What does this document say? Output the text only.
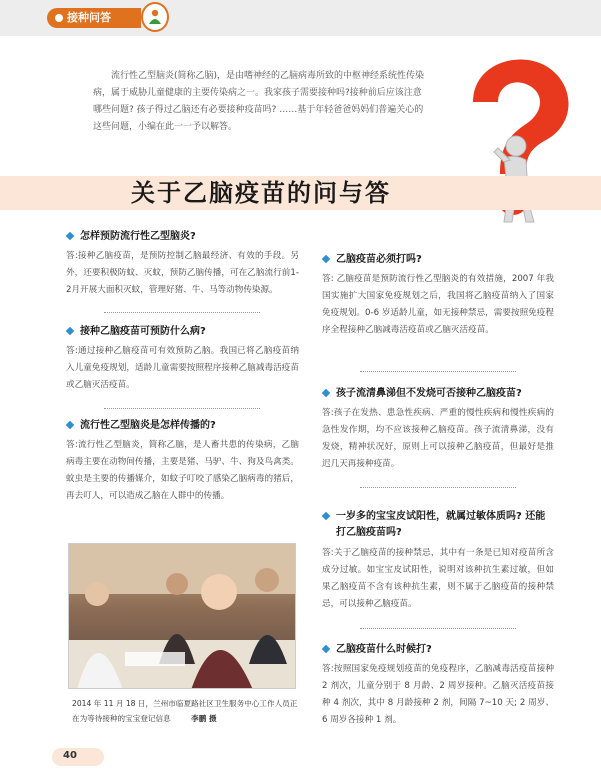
接种问答

流行性乙型脑炎(简称乙脑)，是由嗜神经的乙脑病毒所致的中枢神经系统性传染病，属于威胁儿童健康的主要传染病之一。我家孩子需要接种吗?接种前后应该注意哪些问题? 孩子得过乙脑还有必要接种疫苗吗? ……基于年轻爸爸妈妈们普遍关心的这些问题，小编在此一一予以解答。

关于乙脑疫苗的问与答
怎样预防流行性乙型脑炎?

答:接种乙脑疫苗，是预防控制乙脑最经济、有效的手段。另外，还要积极防蚊、灭蚊，预防乙脑传播，可在乙脑流行前1-2月开展大面积灭蚊，管理好猪、牛、马等动物传染源。

接种乙脑疫苗可预防什么病?

答:通过接种乙脑疫苗可有效预防乙脑。我国已将乙脑疫苗纳入儿童免疫规划，适龄儿童需要按照程序接种乙脑减毒活疫苗或乙脑灭活疫苗。

流行性乙型脑炎是怎样传播的?

答:流行性乙型脑炎，简称乙脑，是人畜共患的传染病，乙脑病毒主要在动物间传播，主要是猪、马驴、牛、狗及鸟禽类。蚊虫是主要的传播媒介，如蚊子叮咬了感染乙脑病毒的猪后，再去叮人，可以造成乙脑在人群中的传播。

2014 年 11 月 18 日，兰州市临夏路社区卫生服务中心工作人员正在为等待接种的宝宝登记信息	李鹏 摄

乙脑疫苗必须打吗?

答: 乙脑疫苗是预防流行性乙型脑炎的有效措施，2007 年我国实施扩大国家免疫规划之后，我国将乙脑疫苗纳入了国家免疫规划。0-6 岁适龄儿童，如无接种禁忌，需要按照免疫程序全程接种乙脑减毒活疫苗或乙脑灭活疫苗。

孩子流清鼻涕但不发烧可否接种乙脑疫苗?

答:孩子在发热、患急性疾病、严重的慢性疾病和慢性疾病的急性发作期，均不应该接种乙脑疫苗。孩子流清鼻涕，没有发烧，精神状况好，原则上可以接种乙脑疫苗，但最好是推迟几天再接种疫苗。

一岁多的宝宝皮试阳性，就属过敏体质吗? 还能打乙脑疫苗吗?

答:关于乙脑疫苗的接种禁忌，其中有一条是已知对疫苗所含成分过敏。如宝宝皮试阳性，说明对该种抗生素过敏，但如果乙脑疫苗不含有该种抗生素，则不属于乙脑疫苗的接种禁忌，可以接种乙脑疫苗。

乙脑疫苗什么时候打?

答:按照国家免疫规划疫苗的免疫程序，乙脑减毒活疫苗接种 2 剂次，儿童分别于 8 月龄、2 周岁接种。乙脑灭活疫苗接种 4 剂次，其中 8 月龄接种 2 剂，间隔 7~10 天; 2 周岁、6 周岁各接种 1 剂。

40
